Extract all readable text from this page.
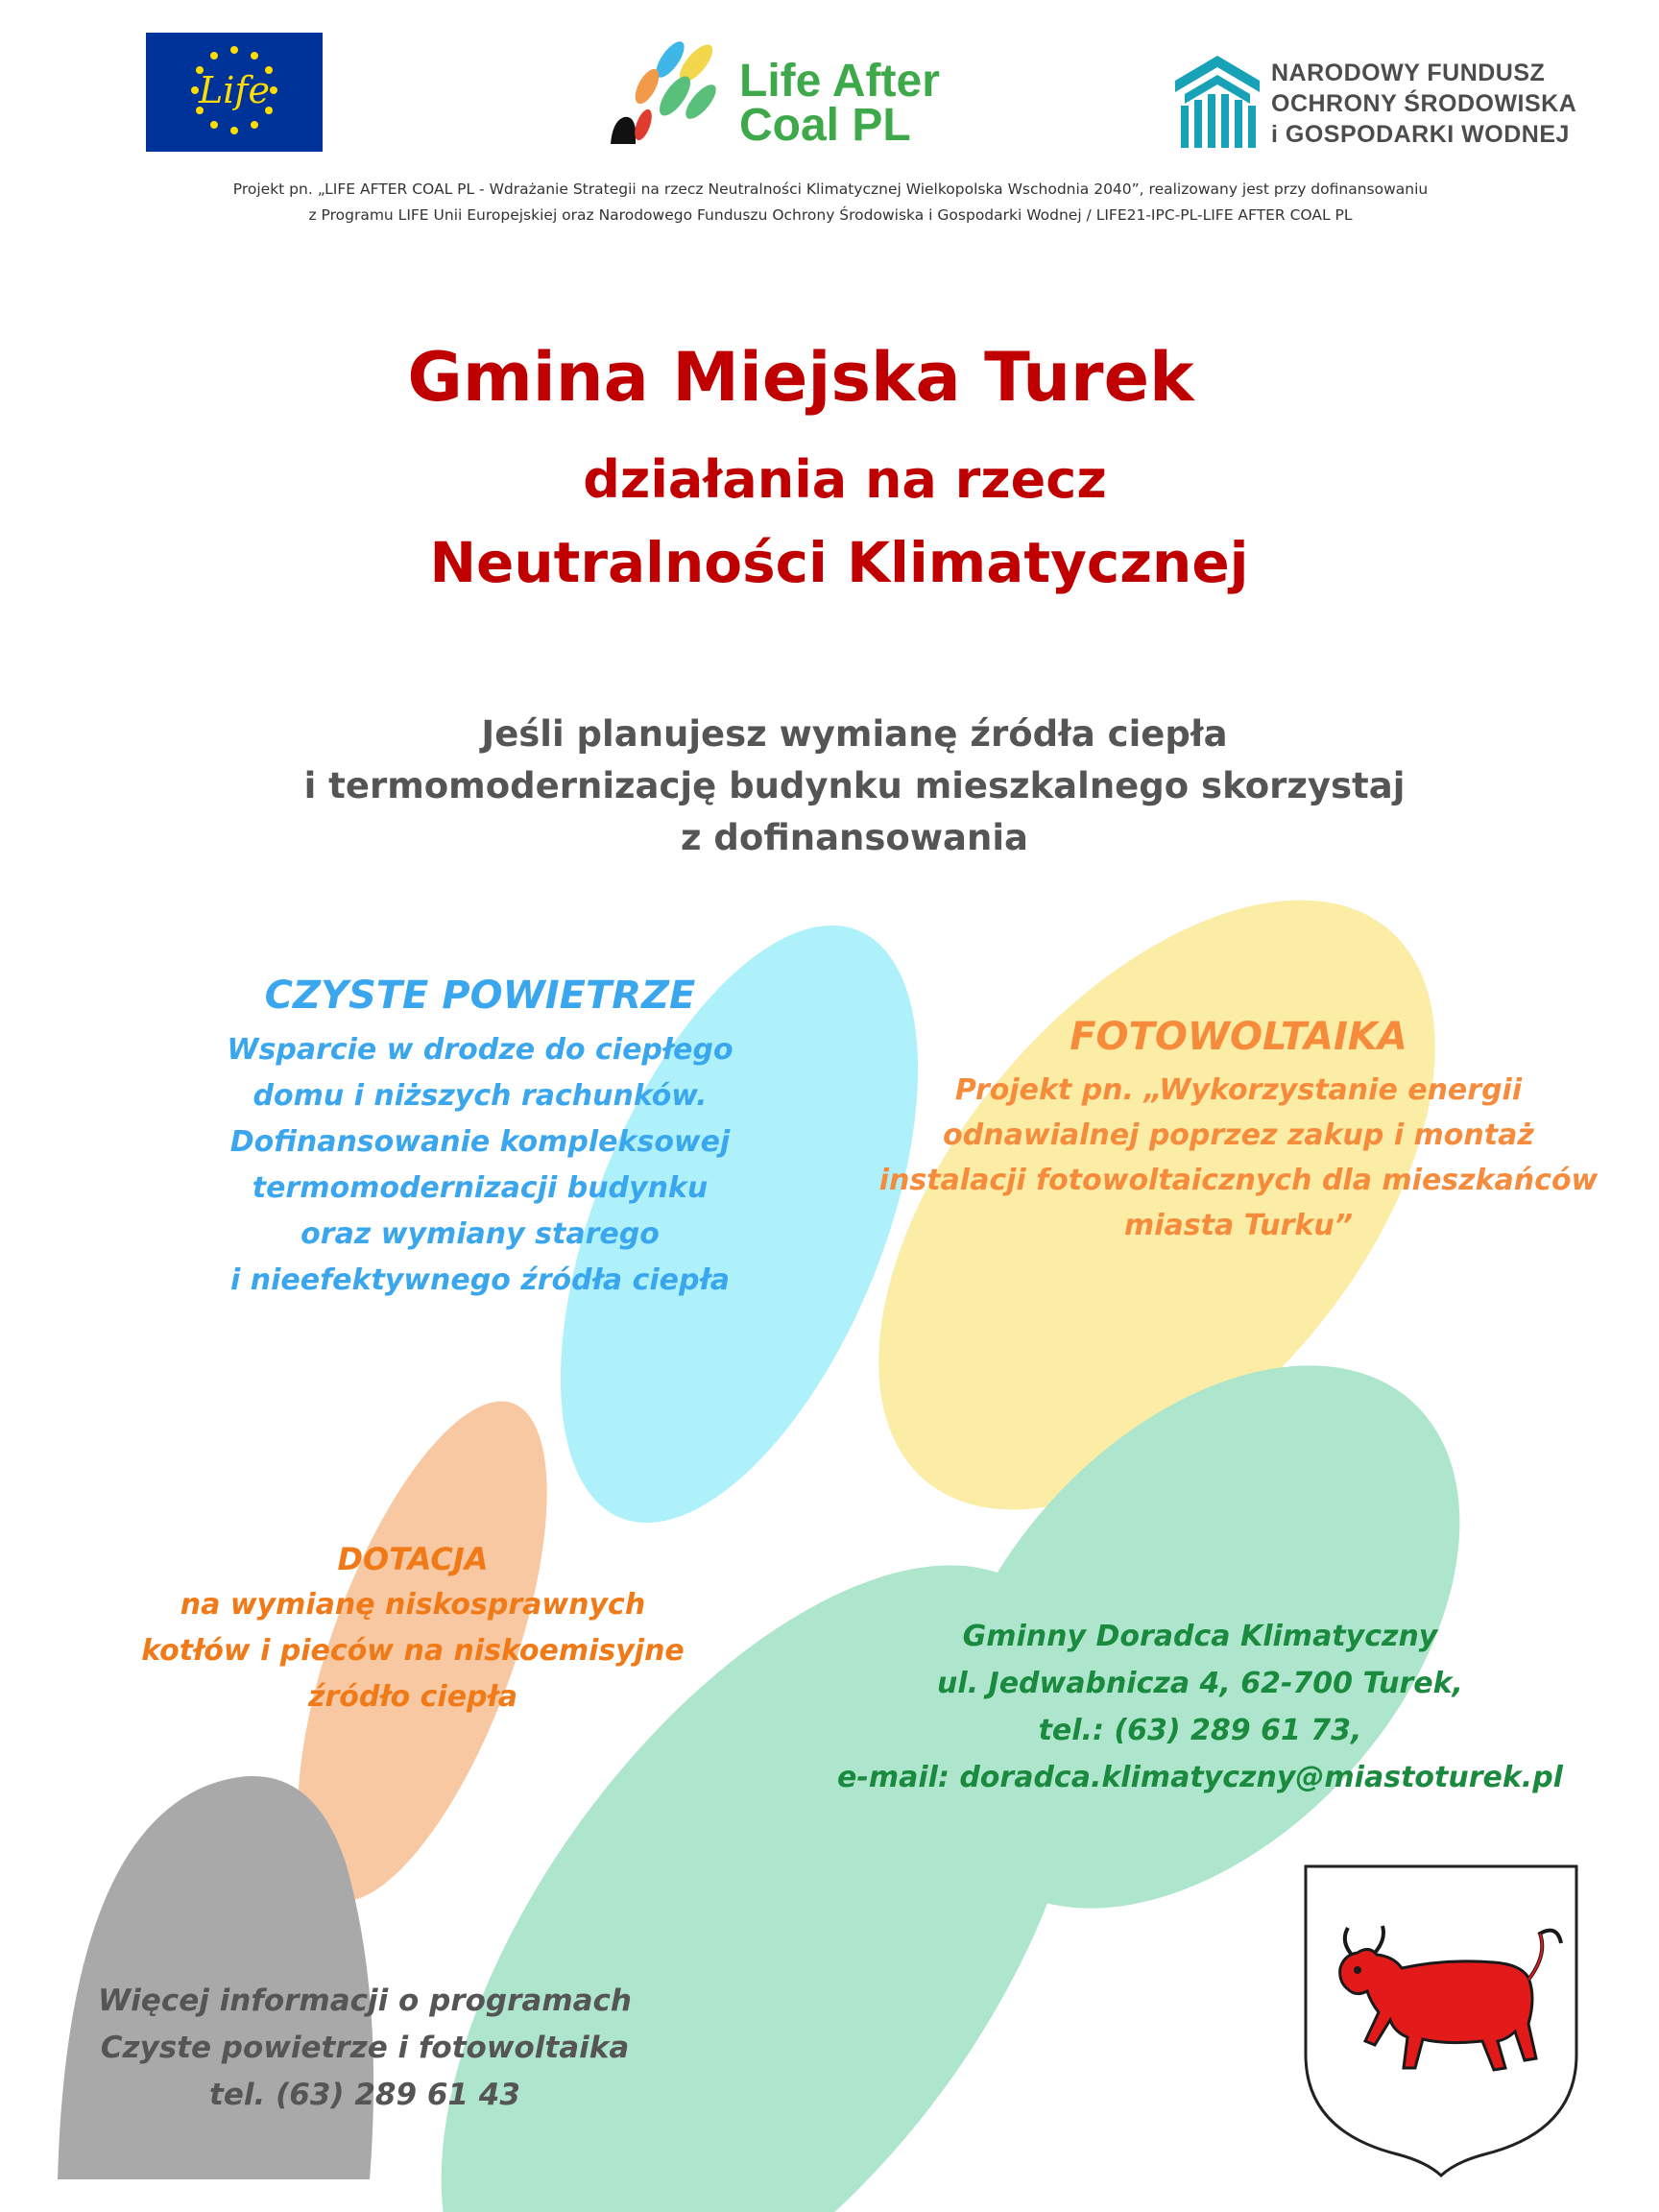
Life	Life After
Coal PL
NARODOWY FUNDUSZ
OCHRONY ŚRODOWISKA
i GOSPODARKI WODNEJ
Projekt pn. „LIFE AFTER COAL PL - Wdrażanie Strategii na rzecz Neutralności Klimatycznej Wielkopolska Wschodnia 2040”, realizowany jest przy dofinansowaniu
z Programu LIFE Unii Europejskiej oraz Narodowego Funduszu Ochrony Środowiska i Gospodarki Wodnej / LIFE21-IPC-PL-LIFE AFTER COAL PL
Gmina Miejska Turek
działania na rzecz
Neutralności Klimatycznej
Jeśli planujesz wymianę źródła ciepła
i termomodernizację budynku mieszkalnego skorzystaj
z dofinansowania
CZYSTE POWIETRZE
Wsparcie w drodze do ciepłego
domu i niższych rachunków.
Dofinansowanie kompleksowej
termomodernizacji budynku
oraz wymiany starego
i nieefektywnego źródła ciepła
FOTOWOLTAIKA
Projekt pn. „Wykorzystanie energii
odnawialnej poprzez zakup i montaż
instalacji fotowoltaicznych dla mieszkańców
miasta Turku”
DOTACJA
na wymianę niskosprawnych
kotłów i pieców na niskoemisyjne
źródło ciepła
Gminny Doradca Klimatyczny
ul. Jedwabnicza 4, 62-700 Turek,
tel.: (63) 289 61 73,
e-mail: doradca.klimatyczny@miastoturek.pl
Więcej informacji o programach
Czyste powietrze i fotowoltaika
tel. (63) 289 61 43
